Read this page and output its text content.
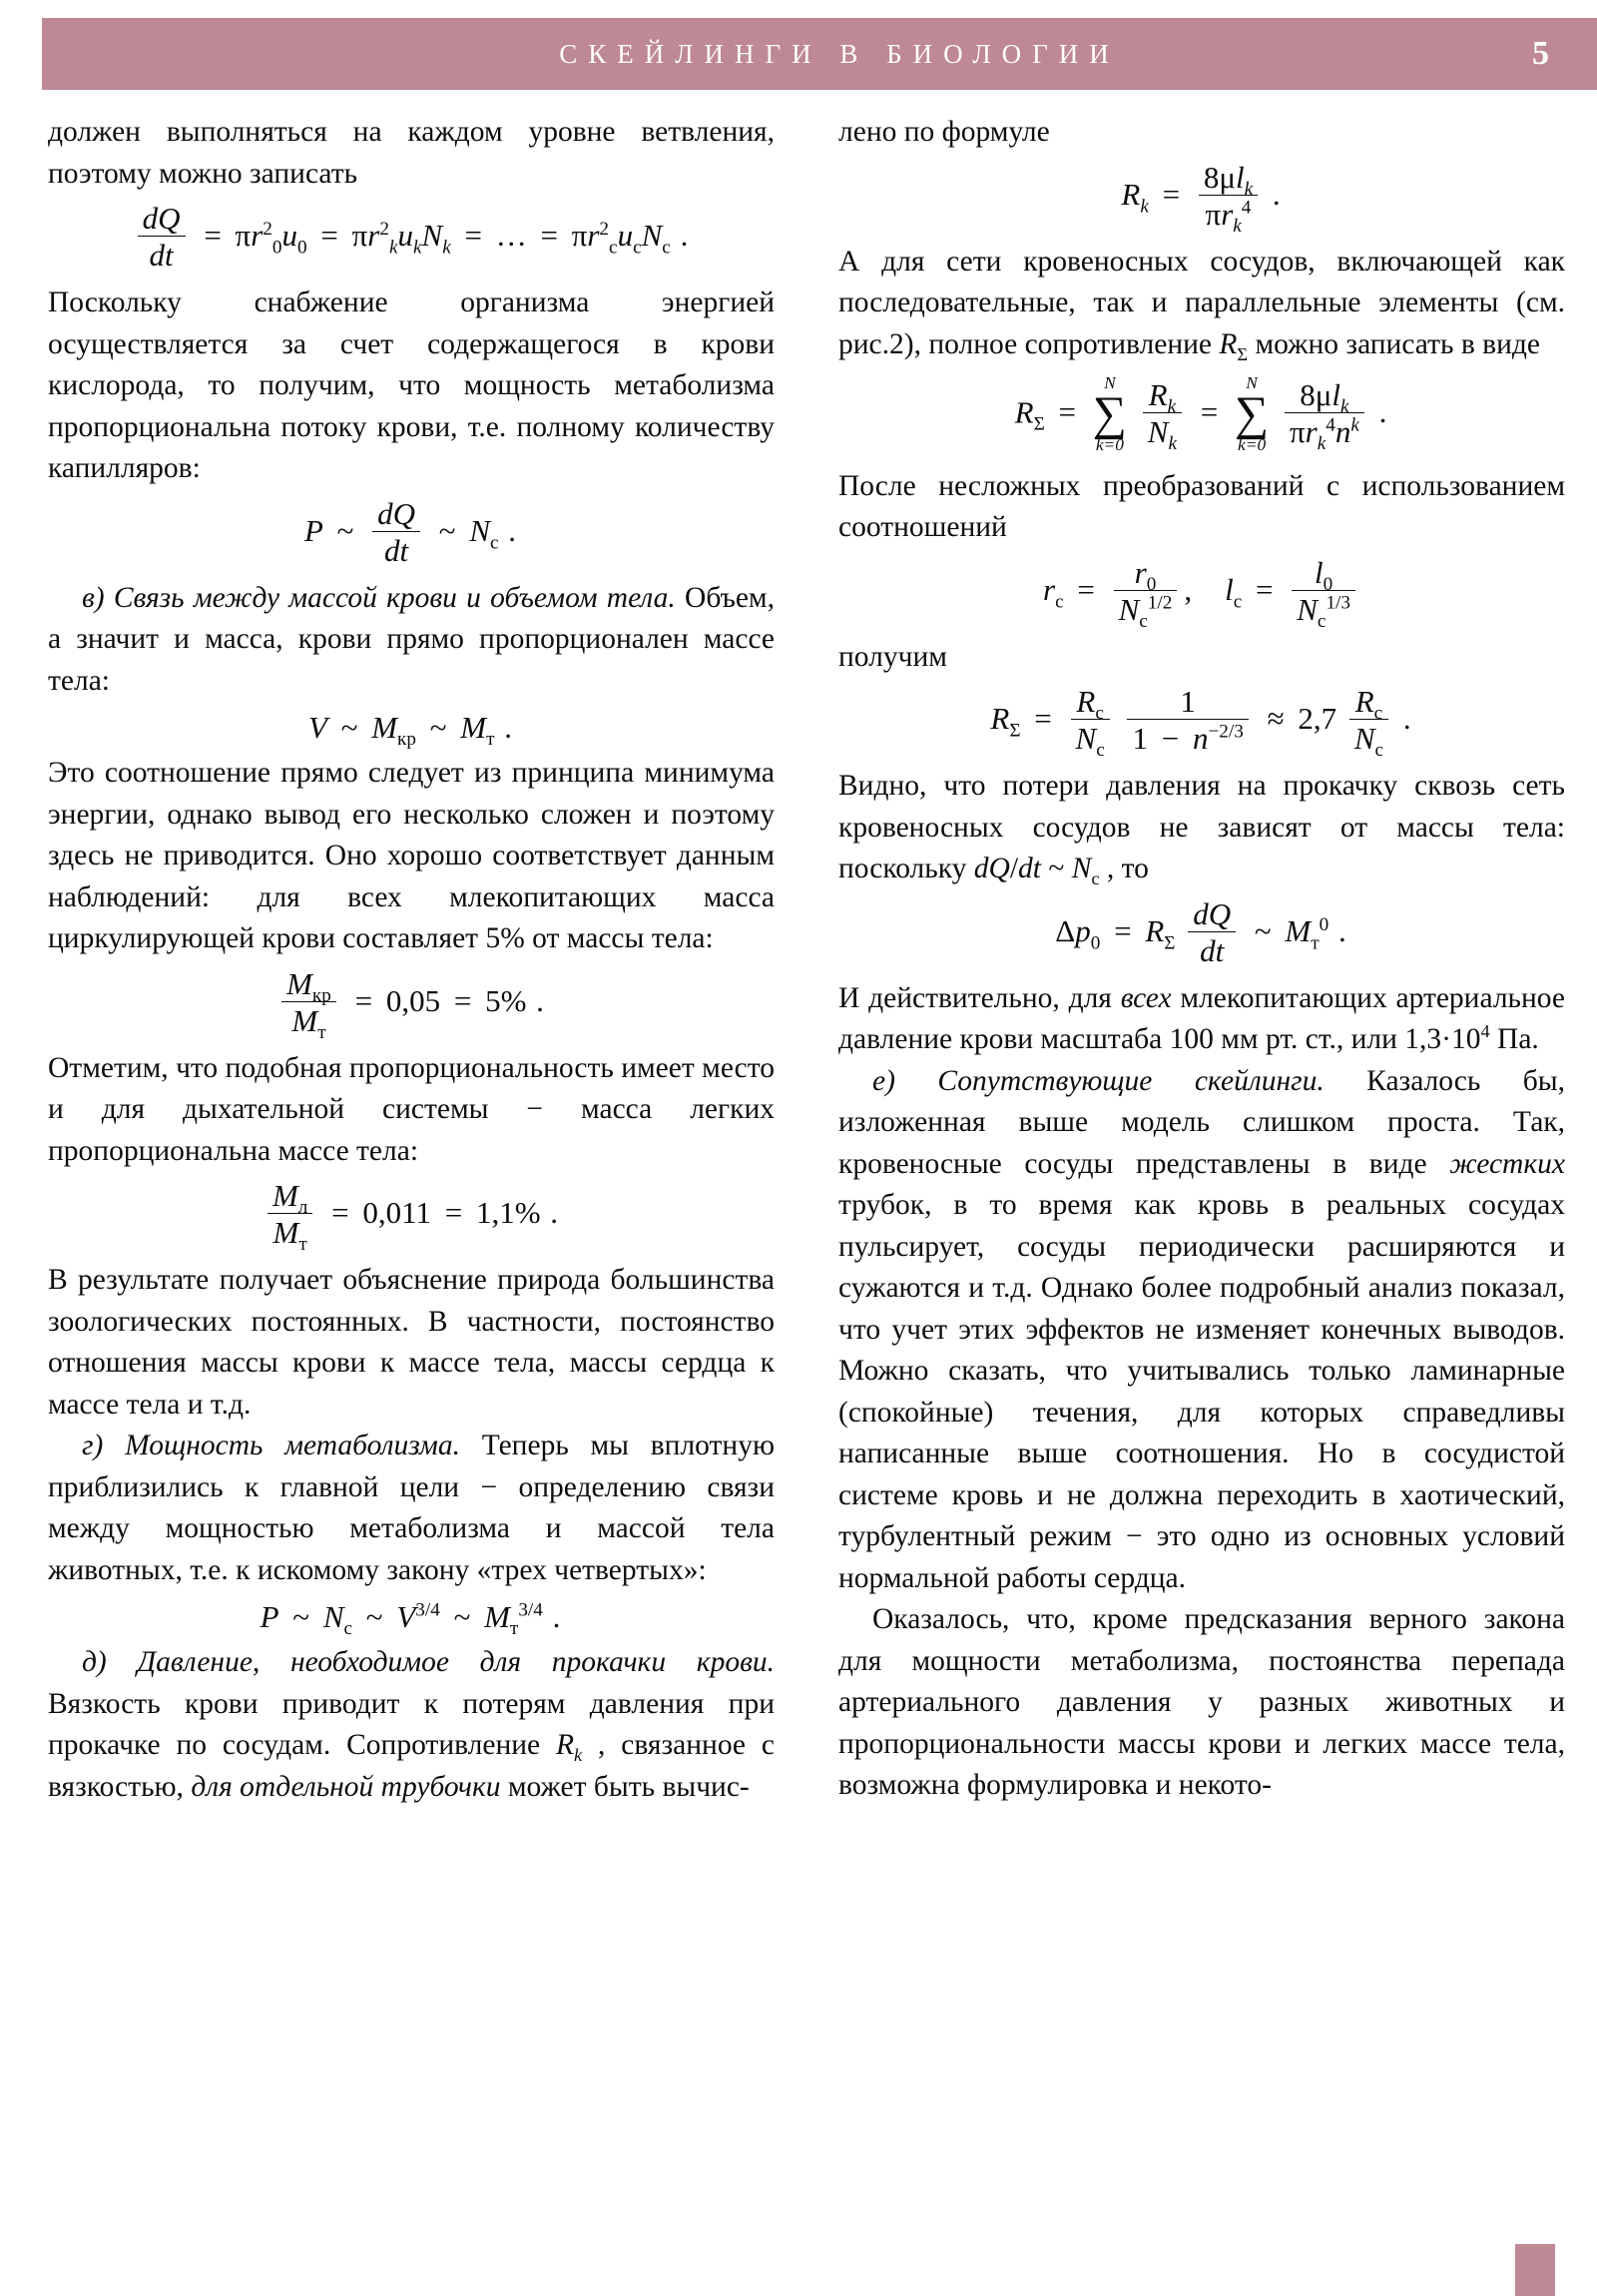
СКЕЙЛИНГИ В БИОЛОГИИ	5

должен выполняться на каждом уровне ветвления, поэтому можно записать

$\frac{dQ}{dt} = \pi r^2_0u_0 = \pi r^2_ku_kN_k$ = … = $\pi r^2_cu_cN_c$ .

Поскольку снабжение организма энергией осуществляется за счет содержащегося в крови кислорода, то получим, что мощность метаболизма пропорциональна потоку крови, т.е. полному количеству капилляров:

P ~ $\frac{dQ}{dt}$ ~ $N_c$ .

в) Связь между массой крови и объемом тела. Объем, а значит и масса, крови прямо пропорционален массе тела:

V ~ $M_{кр}$ ~ $M_т$ .

Это соотношение прямо следует из принципа минимума энергии, однако вывод его несколько сложен и поэтому здесь не приводится. Оно хорошо соответствует данным наблюдений: для всех млекопитающих масса циркулирующей крови составляет 5% от массы тела:

$\frac{M_{кр}}{M_т} = 0,05 = 5\%$ .

Отметим, что подобная пропорциональность имеет место и для дыхательной системы − масса легких пропорциональна массе тела:

$\frac{M_л}{M_т} = 0,011 = 1,1\%$ .

В результате получает объяснение природа большинства зоологических постоянных. В частности, постоянство отношения массы крови к массе тела, массы сердца к массе тела и т.д.

г) Мощность метаболизма. Теперь мы вплотную приблизились к главной цели − определению связи между мощностью метаболизма и массой тела животных, т.е. к искомому закону «трех четвертых»:

P ~ $N_c$ ~ $V^{3/4}$ ~ $M_т^{3/4}$ .

д) Давление, необходимое для прокачки крови. Вязкость крови приводит к потерям давления при прокачке по сосудам. Сопротивление $R_k$ , связанное с вязкостью, для отдельной трубочки может быть вычис-

лено по формуле

$R_k = \frac{8\mu l_k}{\pi r_k^4}$ .

А для сети кровеносных сосудов, включающей как последовательные, так и параллельные элементы (см. рис.2), полное сопротивление $R_\Sigma$ можно записать в виде

$R_\Sigma$ =
N
∑
k=0
$\frac{R_k}{N_k}$ =
N
∑
k=0
$\frac{8\mu l_k}{\pi r_k^4n^k}$ .

После несложных преобразований с использованием соотношений

$r_c = \frac{r_0}{N_c^{1/2}}$ , $l_c = \frac{l_0}{N_c^{1/3}}$

получим

$R_\Sigma = \frac{R_c}{N_c}$
$\frac{1}{1 - n^{-2/3}} \approx 2,7 \frac{R_c}{N_c}$ .

Видно, что потери давления на прокачку сквозь сеть кровеносных сосудов не зависят от массы тела: поскольку dQ/dt ~ $N_c$ , то

$\Delta p_0 = R_\Sigma \frac{dQ}{dt}$ ~ $M_т^0$ .

И действительно, для всех млекопитающих артериальное давление крови масштаба 100 мм рт. ст., или $1,3\cdot 10^4$ Па.

е) Сопутствующие скейлинги. Казалось бы, изложенная выше модель слишком проста. Так, кровеносные сосуды представлены в виде жестких трубок, в то время как кровь в реальных сосудах пульсирует, сосуды периодически расширяются и сужаются и т.д. Однако более подробный анализ показал, что учет этих эффектов не изменяет конечных выводов. Можно сказать, что учитывались только ламинарные (спокойные) течения, для которых справедливы написанные выше соотношения. Но в сосудистой системе кровь и не должна переходить в хаотический, турбулентный режим − это одно из основных условий нормальной работы сердца.

Оказалось, что, кроме предсказания верного закона для мощности метаболизма, постоянства перепада артериального давления у разных животных и пропорциональности массы крови и легких массе тела, возможна формулировка и некото-
